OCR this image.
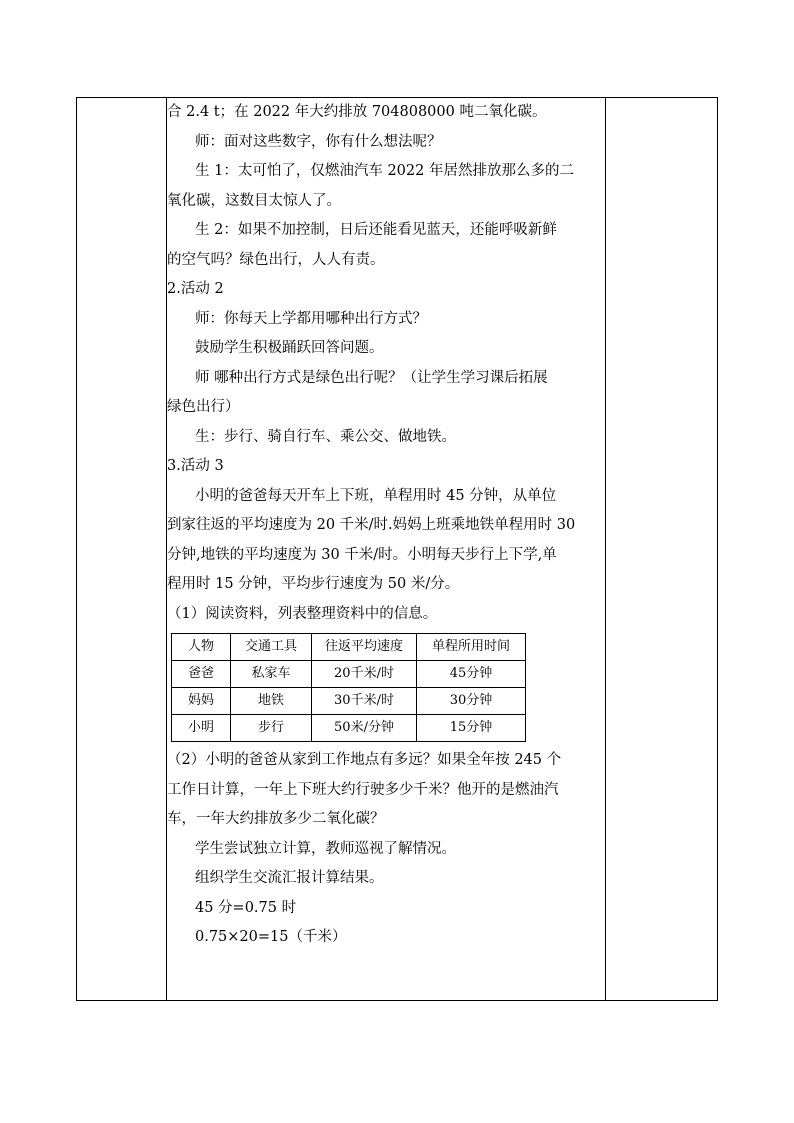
合 2.4 t；在 2022 年大约排放 704808000 吨二氧化碳。

师：面对这些数字，你有什么想法呢？

生 1：太可怕了，仅燃油汽车 2022 年居然排放那么多的二

氧化碳，这数目太惊人了。

生 2：如果不加控制，日后还能看见蓝天，还能呼吸新鲜

的空气吗？绿色出行，人人有责。

2.活动 2

师：你每天上学都用哪种出行方式？

鼓励学生积极踊跃回答问题。

师 哪种出行方式是绿色出行呢？（让学生学习课后拓展

绿色出行）

生：步行、骑自行车、乘公交、做地铁。

3.活动 3

小明的爸爸每天开车上下班，单程用时 45 分钟，从单位

到家往返的平均速度为 20 千米/时.妈妈上班乘地铁单程用时 30

分钟,地铁的平均速度为 30 千米/时。小明每天步行上下学,单

程用时 15 分钟，平均步行速度为 50 米/分。

（1）阅读资料，列表整理资料中的信息。

人物	交通工具	往返平均速度	单程所用时间
爸爸	私家车	20千米/时	45分钟
妈妈	地铁	30千米/时	30分钟
小明	步行	50米/分钟	15分钟

（2）小明的爸爸从家到工作地点有多远？如果全年按 245 个

工作日计算，一年上下班大约行驶多少千米？他开的是燃油汽

车，一年大约排放多少二氧化碳？

学生尝试独立计算，教师巡视了解情况。

组织学生交流汇报计算结果。

45 分=0.75 时

0.75×20=15（千米）
